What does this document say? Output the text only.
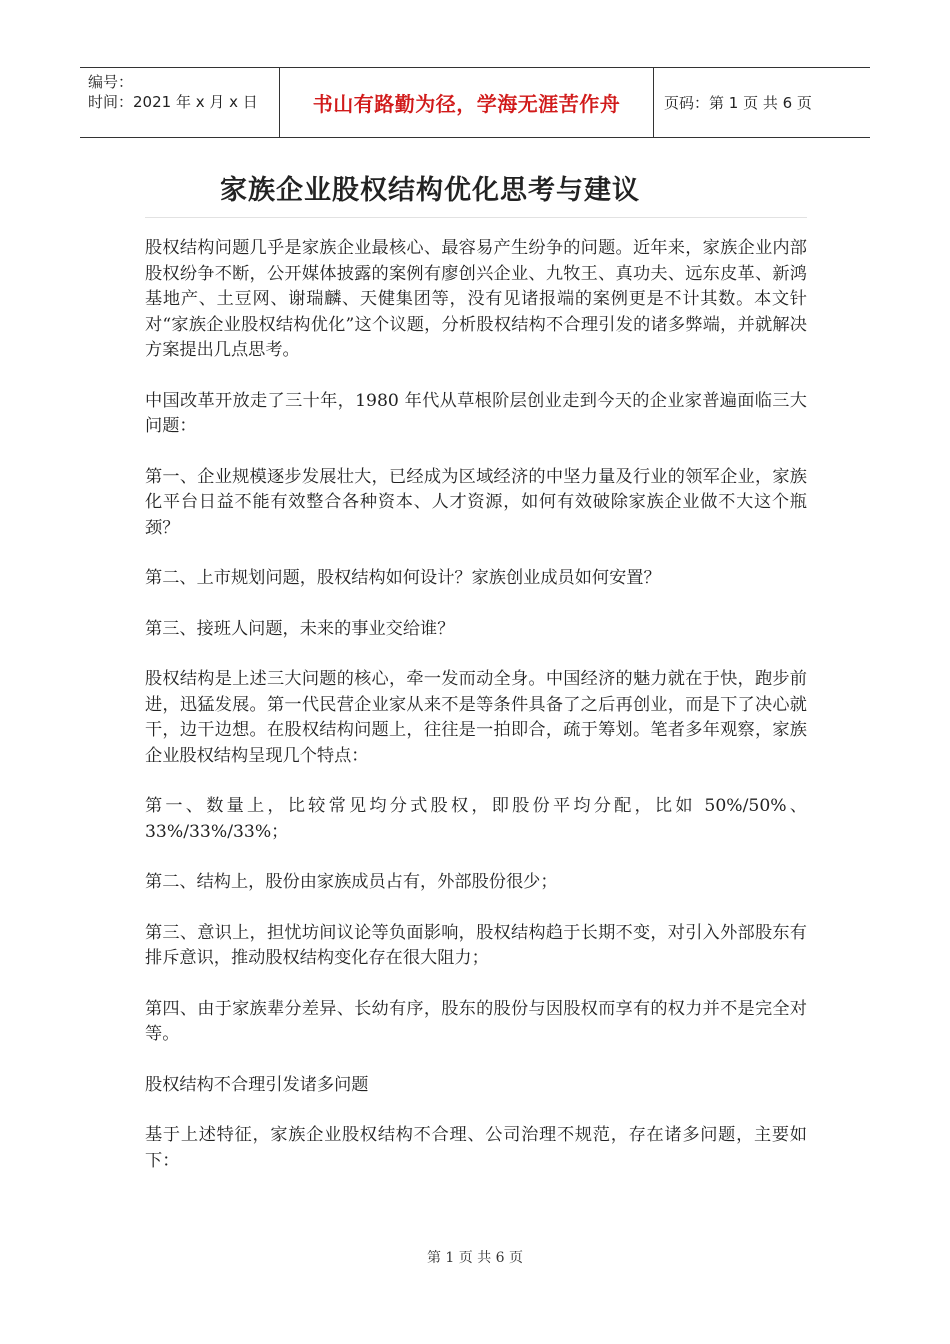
编号：
时间：2021 年 x 月 x 日	书山有路勤为径，学海无涯苦作舟	页码：第 1 页 共 6 页
家族企业股权结构优化思考与建议

股权结构问题几乎是家族企业最核心、最容易产生纷争的问题。近年来，家族企业内部股权纷争不断，公开媒体披露的案例有廖创兴企业、九牧王、真功夫、远东皮革、新鸿基地产、土豆网、谢瑞麟、天健集团等，没有见诸报端的案例更是不计其数。本文针对“家族企业股权结构优化”这个议题，分析股权结构不合理引发的诸多弊端，并就解决方案提出几点思考。

中国改革开放走了三十年，1980 年代从草根阶层创业走到今天的企业家普遍面临三大问题：

第一、企业规模逐步发展壮大，已经成为区域经济的中坚力量及行业的领军企业，家族化平台日益不能有效整合各种资本、人才资源，如何有效破除家族企业做不大这个瓶颈？

第二、上市规划问题，股权结构如何设计？家族创业成员如何安置？

第三、接班人问题，未来的事业交给谁？

股权结构是上述三大问题的核心，牵一发而动全身。中国经济的魅力就在于快，跑步前进，迅猛发展。第一代民营企业家从来不是等条件具备了之后再创业，而是下了决心就干，边干边想。在股权结构问题上，往往是一拍即合，疏于筹划。笔者多年观察，家族企业股权结构呈现几个特点：

第一、数量上，比较常见均分式股权，即股份平均分配，比如 50%/50%、33%/33%/33%；

第二、结构上，股份由家族成员占有，外部股份很少；

第三、意识上，担忧坊间议论等负面影响，股权结构趋于长期不变，对引入外部股东有排斥意识，推动股权结构变化存在很大阻力；

第四、由于家族辈分差异、长幼有序，股东的股份与因股权而享有的权力并不是完全对等。

股权结构不合理引发诸多问题

基于上述特征，家族企业股权结构不合理、公司治理不规范，存在诸多问题，主要如下：

第 1 页 共 6 页
